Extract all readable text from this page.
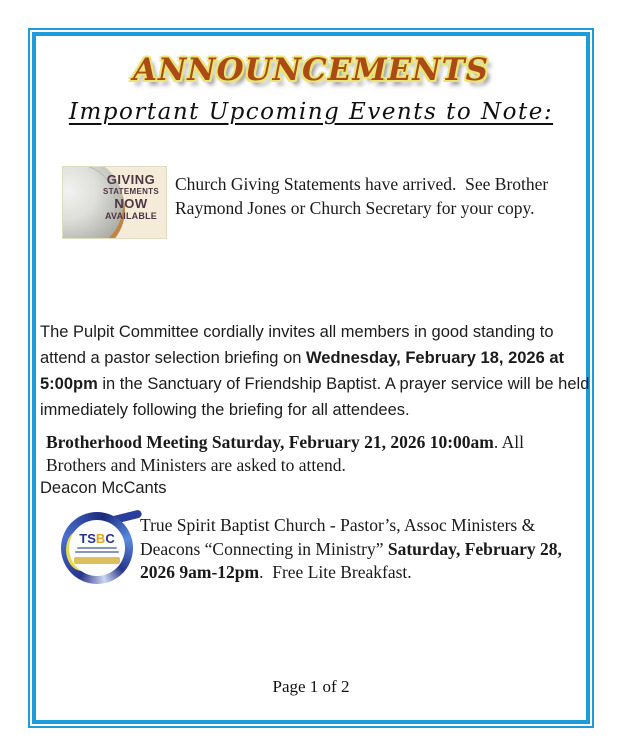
ANNOUNCEMENTS
Important Upcoming Events to Note:
GIVING
STATEMENTS
NOW
AVAILABLE
Church Giving Statements have arrived.  See Brother Raymond Jones or Church Secretary for your copy.

The Pulpit Committee cordially invites all members in good standing to attend a pastor selection briefing on Wednesday, February 18, 2026 at 5:00pm in the Sanctuary of Friendship Baptist. A prayer service will be held immediately following the briefing for all attendees.

Deacon McCants

Brotherhood Meeting Saturday, February 21, 2026 10:00am. All Brothers and Ministers are asked to attend.
TSBC
True Spirit Baptist Church - Pastor’s, Assoc Ministers & Deacons “Connecting in Ministry” Saturday, February 28, 2026 9am-12pm.  Free Lite Breakfast.
Page 1 of 2
